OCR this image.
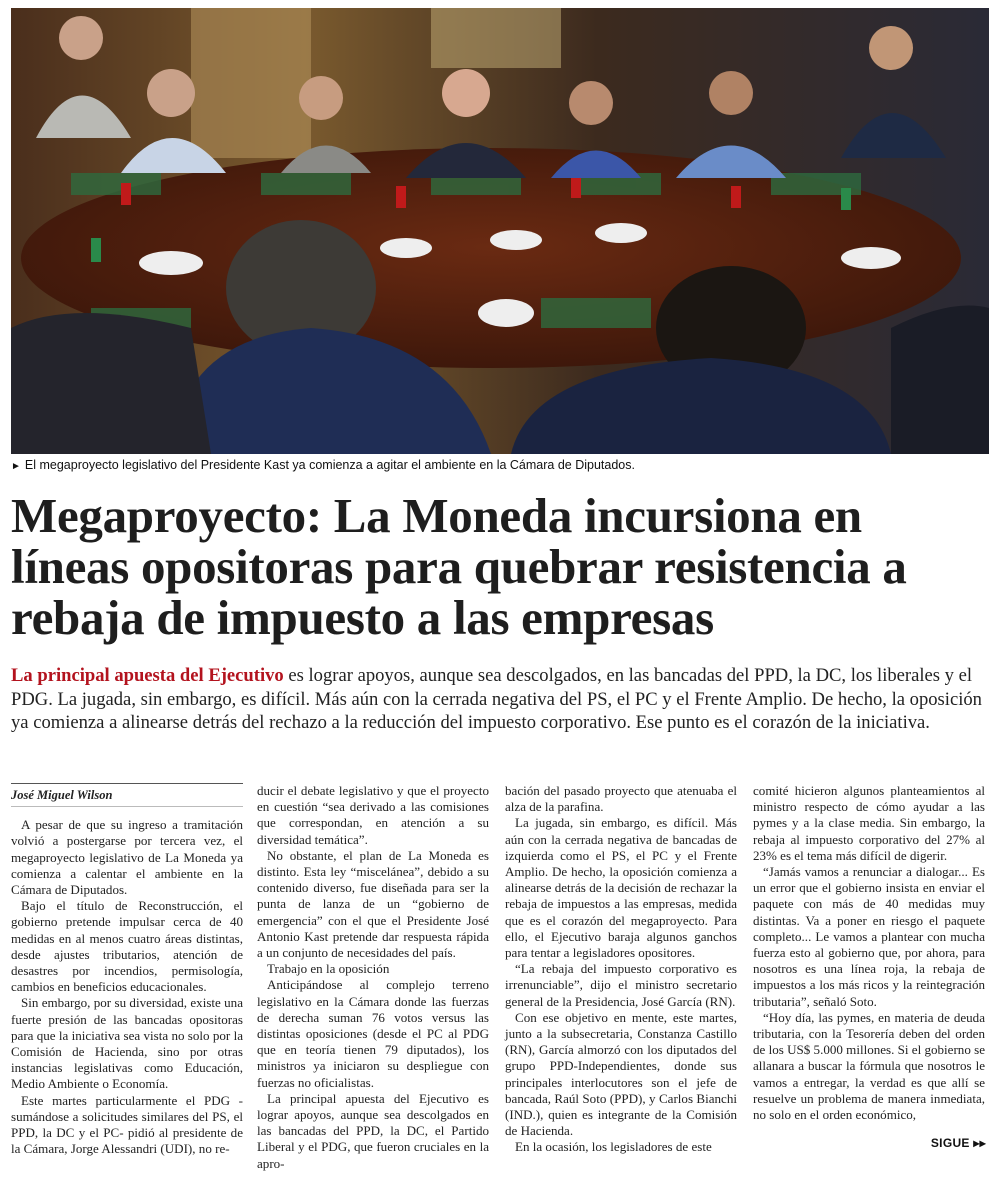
► El megaproyecto legislativo del Presidente Kast ya comienza a agitar el ambiente en la Cámara de Diputados.
Megaproyecto: La Moneda incursiona en líneas opositoras para quebrar resistencia a rebaja de impuesto a las empresas

La principal apuesta del Ejecutivo es lograr apoyos, aunque sea descolgados, en las bancadas del PPD, la DC, los liberales y el PDG. La jugada, sin embargo, es difícil. Más aún con la cerrada negativa del PS, el PC y el Frente Amplio. De hecho, la oposición ya comienza a alinearse detrás del rechazo a la reducción del impuesto corporativo. Ese punto es el corazón de la iniciativa.

José Miguel Wilson

A pesar de que su ingreso a tramitación volvió a postergarse por tercera vez, el megaproyecto legislativo de La Moneda ya comienza a calentar el ambiente en la Cámara de Diputados.

Bajo el título de Reconstrucción, el gobierno pretende impulsar cerca de 40 medidas en al menos cuatro áreas distintas, desde ajustes tributarios, atención de desastres por incendios, permisología, cambios en beneficios educacionales.

Sin embargo, por su diversidad, existe una fuerte presión de las bancadas opositoras para que la iniciativa sea vista no solo por la Comisión de Hacienda, sino por otras instancias legislativas como Educación, Medio Ambiente o Economía.

Este martes particularmente el PDG -sumándose a solicitudes similares del PS, el PPD, la DC y el PC- pidió al presidente de la Cámara, Jorge Alessandri (UDI), no re-

ducir el debate legislativo y que el proyecto en cuestión “sea derivado a las comisiones que correspondan, en atención a su diversidad temática”.

No obstante, el plan de La Moneda es distinto. Esta ley “miscelánea”, debido a su contenido diverso, fue diseñada para ser la punta de lanza de un “gobierno de emergencia” con el que el Presidente José Antonio Kast pretende dar respuesta rápida a un conjunto de necesidades del país.

Trabajo en la oposición

Anticipándose al complejo terreno legislativo en la Cámara donde las fuerzas de derecha suman 76 votos versus las distintas oposiciones (desde el PC al PDG que en teoría tienen 79 diputados), los ministros ya iniciaron su despliegue con fuerzas no oficialistas.

La principal apuesta del Ejecutivo es lograr apoyos, aunque sea descolgados en las bancadas del PPD, la DC, el Partido Liberal y el PDG, que fueron cruciales en la apro-

bación del pasado proyecto que atenuaba el alza de la parafina.

La jugada, sin embargo, es difícil. Más aún con la cerrada negativa de bancadas de izquierda como el PS, el PC y el Frente Amplio. De hecho, la oposición comienza a alinearse detrás de la decisión de rechazar la rebaja de impuestos a las empresas, medida que es el corazón del megaproyecto. Para ello, el Ejecutivo baraja algunos ganchos para tentar a legisladores opositores.

“La rebaja del impuesto corporativo es irrenunciable”, dijo el ministro secretario general de la Presidencia, José García (RN).

Con ese objetivo en mente, este martes, junto a la subsecretaria, Constanza Castillo (RN), García almorzó con los diputados del grupo PPD-Independientes, donde sus principales interlocutores son el jefe de bancada, Raúl Soto (PPD), y Carlos Bianchi (IND.), quien es integrante de la Comisión de Hacienda.

En la ocasión, los legisladores de este

comité hicieron algunos planteamientos al ministro respecto de cómo ayudar a las pymes y a la clase media. Sin embargo, la rebaja al impuesto corporativo del 27% al 23% es el tema más difícil de digerir.

“Jamás vamos a renunciar a dialogar... Es un error que el gobierno insista en enviar el paquete con más de 40 medidas muy distintas. Va a poner en riesgo el paquete completo... Le vamos a plantear con mucha fuerza esto al gobierno que, por ahora, para nosotros es una línea roja, la rebaja de impuestos a los más ricos y la reintegración tributaria”, señaló Soto.

“Hoy día, las pymes, en materia de deuda tributaria, con la Tesorería deben del orden de los US$ 5.000 millones. Si el gobierno se allanara a buscar la fórmula que nosotros le vamos a entregar, la verdad es que allí se resuelve un problema de manera inmediata, no solo en el orden económico,

SIGUE ▸▸
